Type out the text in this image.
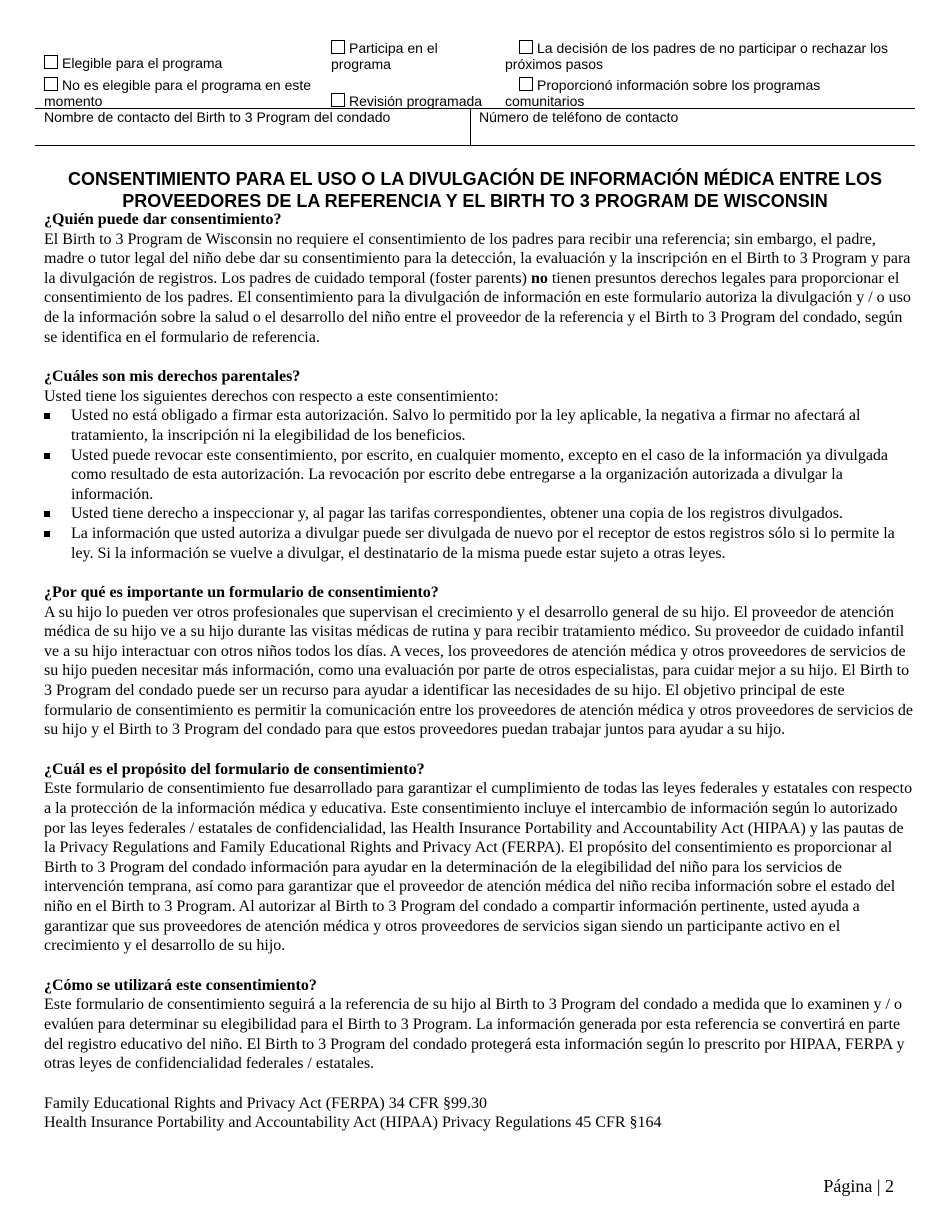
Elegible para el programa
No es elegible para el programa en este momento
Participa en el programa
Revisión programada
La decisión de los padres de no participar o rechazar los próximos pasos
Proporcionó información sobre los programas comunitarios
Nombre de contacto del Birth to 3 Program del condado	Número de teléfono de contacto
CONSENTIMIENTO PARA EL USO O LA DIVULGACIÓN DE INFORMACIÓN MÉDICA ENTRE LOS PROVEEDORES DE LA REFERENCIA Y EL BIRTH TO 3 PROGRAM DE WISCONSIN
¿Quién puede dar consentimiento?

El Birth to 3 Program de Wisconsin no requiere el consentimiento de los padres para recibir una referencia; sin embargo, el padre, madre o tutor legal del niño debe dar su consentimiento para la detección, la evaluación y la inscripción en el Birth to 3 Program y para la divulgación de registros. Los padres de cuidado temporal (foster parents) no tienen presuntos derechos legales para proporcionar el consentimiento de los padres. El consentimiento para la divulgación de información en este formulario autoriza la divulgación y / o uso de la información sobre la salud o el desarrollo del niño entre el proveedor de la referencia y el Birth to 3 Program del condado, según se identifica en el formulario de referencia.

¿Cuáles son mis derechos parentales?

Usted tiene los siguientes derechos con respecto a este consentimiento:

Usted no está obligado a firmar esta autorización. Salvo lo permitido por la ley aplicable, la negativa a firmar no afectará al tratamiento, la inscripción ni la elegibilidad de los beneficios.
Usted puede revocar este consentimiento, por escrito, en cualquier momento, excepto en el caso de la información ya divulgada como resultado de esta autorización. La revocación por escrito debe entregarse a la organización autorizada a divulgar la información.
Usted tiene derecho a inspeccionar y, al pagar las tarifas correspondientes, obtener una copia de los registros divulgados.
La información que usted autoriza a divulgar puede ser divulgada de nuevo por el receptor de estos registros sólo si lo permite la ley. Si la información se vuelve a divulgar, el destinatario de la misma puede estar sujeto a otras leyes.
¿Por qué es importante un formulario de consentimiento?

A su hijo lo pueden ver otros profesionales que supervisan el crecimiento y el desarrollo general de su hijo. El proveedor de atención médica de su hijo ve a su hijo durante las visitas médicas de rutina y para recibir tratamiento médico. Su proveedor de cuidado infantil ve a su hijo interactuar con otros niños todos los días. A veces, los proveedores de atención médica y otros proveedores de servicios de su hijo pueden necesitar más información, como una evaluación por parte de otros especialistas, para cuidar mejor a su hijo. El Birth to 3 Program del condado puede ser un recurso para ayudar a identificar las necesidades de su hijo. El objetivo principal de este formulario de consentimiento es permitir la comunicación entre los proveedores de atención médica y otros proveedores de servicios de su hijo y el Birth to 3 Program del condado para que estos proveedores puedan trabajar juntos para ayudar a su hijo.

¿Cuál es el propósito del formulario de consentimiento?

Este formulario de consentimiento fue desarrollado para garantizar el cumplimiento de todas las leyes federales y estatales con respecto a la protección de la información médica y educativa. Este consentimiento incluye el intercambio de información según lo autorizado por las leyes federales / estatales de confidencialidad, las Health Insurance Portability and Accountability Act (HIPAA) y las pautas de la Privacy Regulations and Family Educational Rights and Privacy Act (FERPA). El propósito del consentimiento es proporcionar al Birth to 3 Program del condado información para ayudar en la determinación de la elegibilidad del niño para los servicios de intervención temprana, así como para garantizar que el proveedor de atención médica del niño reciba información sobre el estado del niño en el Birth to 3 Program. Al autorizar al Birth to 3 Program del condado a compartir información pertinente, usted ayuda a garantizar que sus proveedores de atención médica y otros proveedores de servicios sigan siendo un participante activo en el crecimiento y el desarrollo de su hijo.

¿Cómo se utilizará este consentimiento?

Este formulario de consentimiento seguirá a la referencia de su hijo al Birth to 3 Program del condado a medida que lo examinen y / o evalúen para determinar su elegibilidad para el Birth to 3 Program. La información generada por esta referencia se convertirá en parte del registro educativo del niño. El Birth to 3 Program del condado protegerá esta información según lo prescrito por HIPAA, FERPA y otras leyes de confidencialidad federales / estatales.

Family Educational Rights and Privacy Act (FERPA) 34 CFR §99.30

Health Insurance Portability and Accountability Act (HIPAA) Privacy Regulations 45 CFR §164

Página | 2
